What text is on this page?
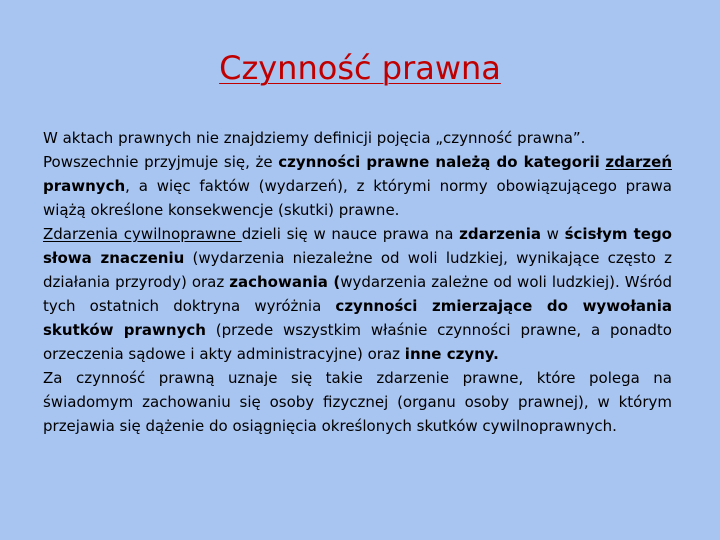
Czynność prawna

W aktach prawnych nie znajdziemy definicji pojęcia „czynność prawna”.

Powszechnie przyjmuje się, że czynności prawne należą do kategorii zdarzeń prawnych, a więc faktów (wydarzeń), z którymi normy obowiązującego prawa wiążą określone konsekwencje (skutki) prawne.

Zdarzenia cywilnoprawne dzieli się w nauce prawa na zdarzenia w ścisłym tego słowa znaczeniu (wydarzenia niezależne od woli ludzkiej, wynikające często z działania przyrody) oraz zachowania (wydarzenia zależne od woli ludzkiej). Wśród tych ostatnich doktryna wyróżnia czynności zmierzające do wywołania skutków prawnych (przede wszystkim właśnie czynności prawne, a ponadto orzeczenia sądowe i akty administracyjne) oraz inne czyny.

Za czynność prawną uznaje się takie zdarzenie prawne, które polega na świadomym zachowaniu się osoby fizycznej (organu osoby prawnej), w którym przejawia się dążenie do osiągnięcia określonych skutków cywilnoprawnych.
